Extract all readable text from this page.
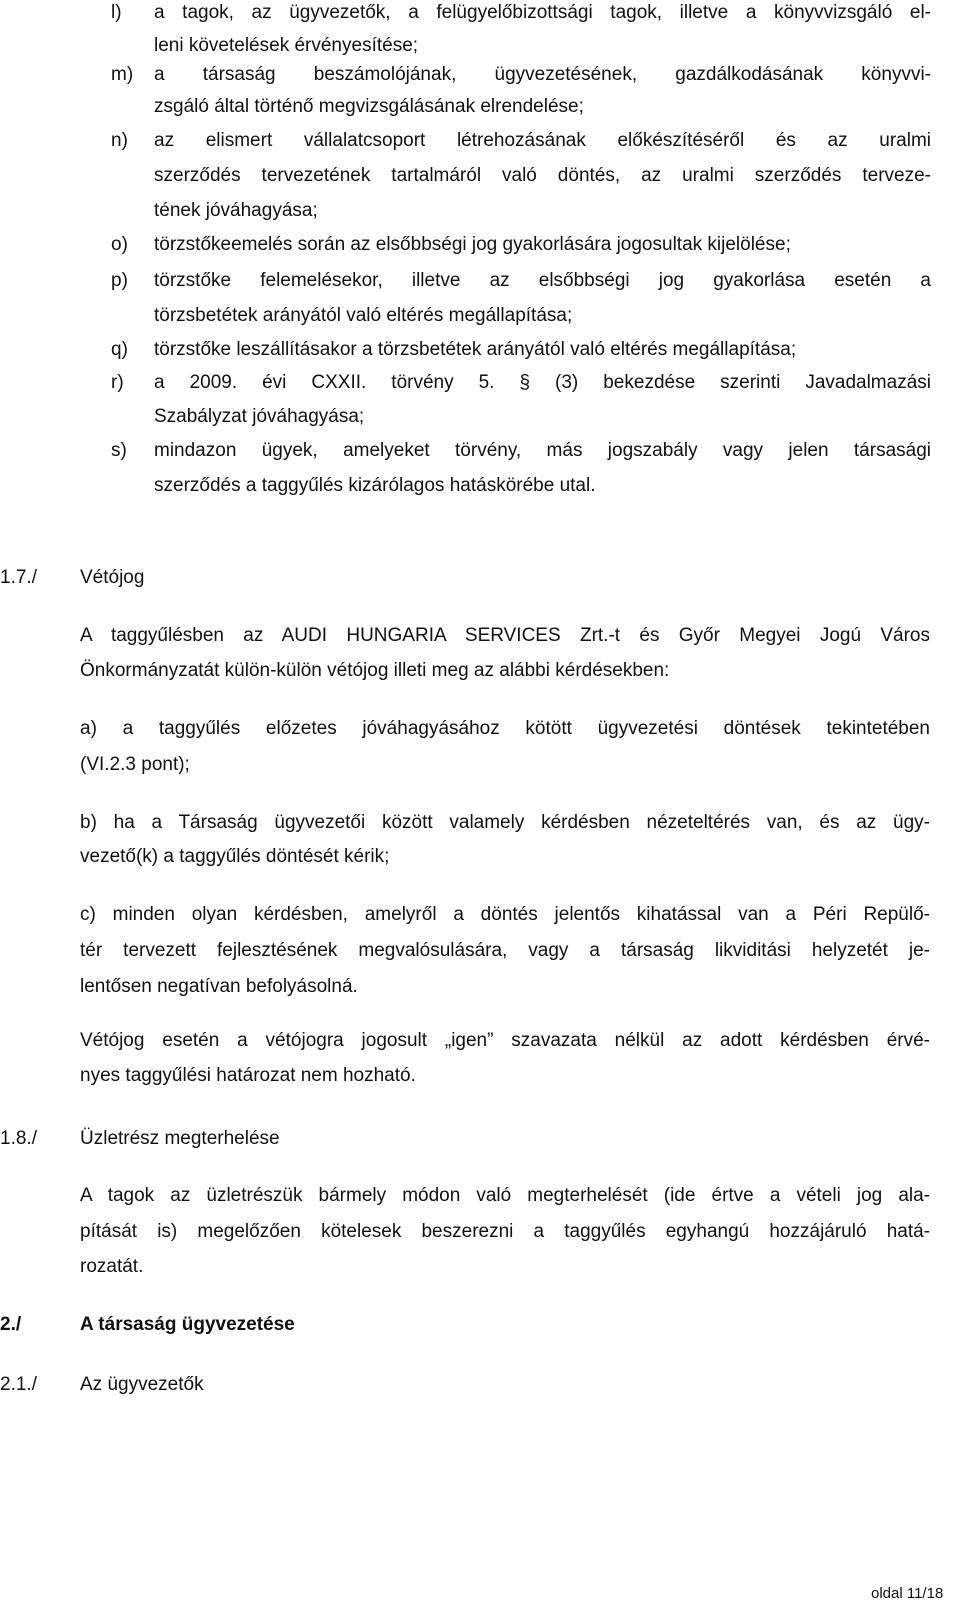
l) a tagok, az ügyvezetők, a felügyelőbizottsági tagok, illetve a könyvvizsgáló el-
leni követelések érvényesítése;
m) a társaság beszámolójának, ügyvezetésének, gazdálkodásának könyvvi-
zsgáló által történő megvizsgálásának elrendelése;
n) az elismert vállalatcsoport létrehozásának előkészítéséről és az uralmi
szerződés tervezetének tartalmáról való döntés, az uralmi szerződés terveze-
tének jóváhagyása;
o) törzstőkeemelés során az elsőbbségi jog gyakorlására jogosultak kijelölése;
p) törzstőke felemelésekor, illetve az elsőbbségi jog gyakorlása esetén a
törzsbetétek arányától való eltérés megállapítása;
q) törzstőke leszállításakor a törzsbetétek arányától való eltérés megállapítása;
r) a 2009. évi CXXII. törvény 5. § (3) bekezdése szerinti Javadalmazási
Szabályzat jóváhagyása;
s) mindazon ügyek, amelyeket törvény, más jogszabály vagy jelen társasági
szerződés a taggyűlés kizárólagos hatáskörébe utal.
1.7./ Vétójog
A taggyűlésben az AUDI HUNGARIA SERVICES Zrt.-t és Győr Megyei Jogú Város
Önkormányzatát külön-külön vétójog illeti meg az alábbi kérdésekben:
a) a taggyűlés előzetes jóváhagyásához kötött ügyvezetési döntések tekintetében
(VI.2.3 pont);
b) ha a Társaság ügyvezetői között valamely kérdésben nézeteltérés van, és az ügy-
vezető(k) a taggyűlés döntését kérik;
c) minden olyan kérdésben, amelyről a döntés jelentős kihatással van a Péri Repülő-
tér tervezett fejlesztésének megvalósulására, vagy a társaság likviditási helyzetét je-
lentősen negatívan befolyásolná.
Vétójog esetén a vétójogra jogosult „igen” szavazata nélkül az adott kérdésben érvé-
nyes taggyűlési határozat nem hozható.
1.8./ Üzletrész megterhelése
A tagok az üzletrészük bármely módon való megterhelését (ide értve a vételi jog ala-
pítását is) megelőzően kötelesek beszerezni a taggyűlés egyhangú hozzájáruló hatá-
rozatát.
2./	A társaság ügyvezetése
2.1./ Az ügyvezetők
oldal 11/18
